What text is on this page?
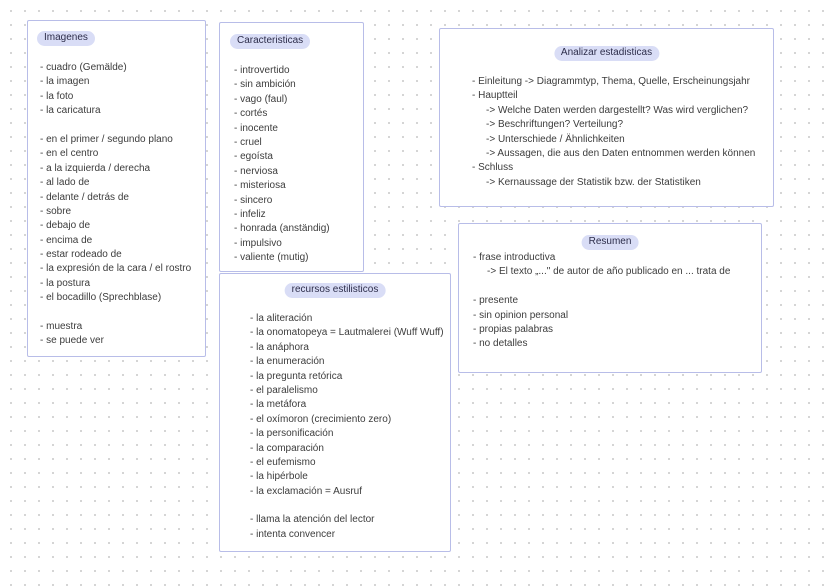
Imagenes
- cuadro (Gemälde)
- la imagen
- la foto
- la caricatura
- en el primer / segundo plano
- en el centro
- a la izquierda / derecha
- al lado de
- delante / detrás de
- sobre
- debajo de
- encima de
- estar rodeado de
- la expresión de la cara / el rostro
- la postura
- el bocadillo (Sprechblase)
- muestra
- se puede ver
Caracteristicas
- introvertido
- sin ambición
- vago (faul)
- cortés
- inocente
- cruel
- egoísta
- nerviosa
- misteriosa
- sincero
- infeliz
- honrada (anständig)
- impulsivo
- valiente (mutig)
recursos estilisticos
- la aliteración
- la onomatopeya = Lautmalerei (Wuff Wuff)
- la anáphora
- la enumeración
- la pregunta retórica
- el paralelismo
- la metáfora
- el oxímoron (crecimiento zero)
- la personificación
- la comparación
- el eufemismo
- la hipérbole
- la exclamación = Ausruf
- llama la atención del lector
- intenta convencer
Analizar estadisticas
- Einleitung -> Diagrammtyp, Thema, Quelle, Erscheinungsjahr
- Hauptteil
-> Welche Daten werden dargestellt? Was wird verglichen?
-> Beschriftungen? Verteilung?
-> Unterschiede / Ähnlichkeiten
-> Aussagen, die aus den Daten entnommen werden können
- Schluss
-> Kernaussage der Statistik bzw. der Statistiken
Resumen
- frase introductiva
-> El texto „..." de autor de año publicado en ... trata de
- presente
- sin opinion personal
- propias palabras
- no detalles
